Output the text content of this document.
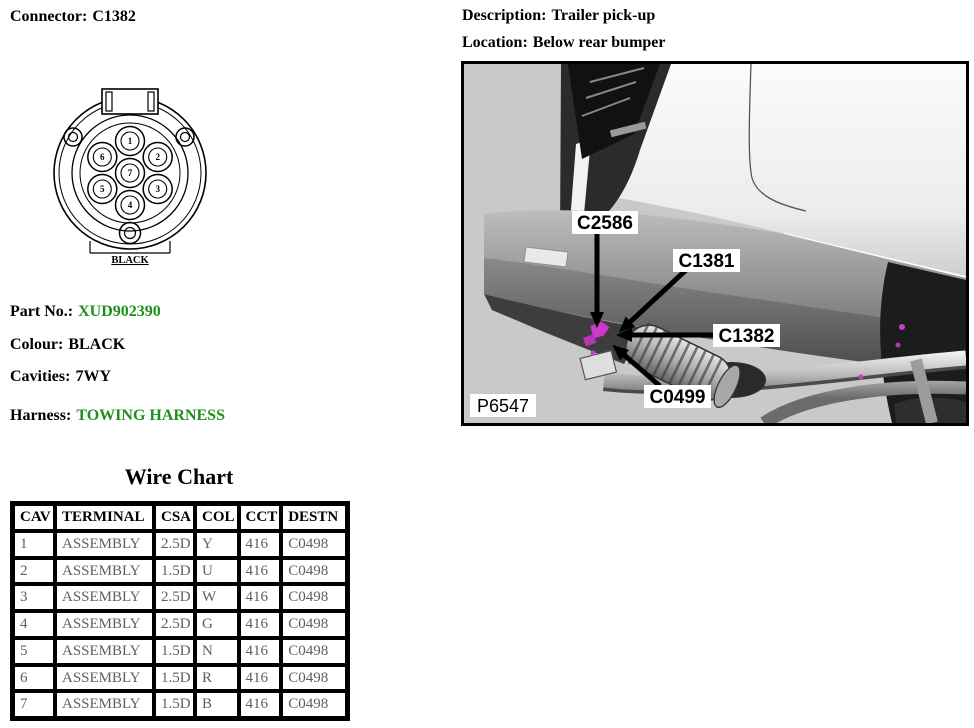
Connector: C1382	Description: Trailer pick-up
Location: Below rear bumper
1
2
3
4
5
6
7
BLACK
Part No.: XUD902390
Colour: BLACK
Cavities: 7WY
Harness: TOWING HARNESS
C2586
C1381
C1382
C0499
P6547
Wire Chart
CAV	TERMINAL	CSA	COL	CCT	DESTN
1	ASSEMBLY	2.5D	Y	416	C0498
2	ASSEMBLY	1.5D	U	416	C0498
3	ASSEMBLY	2.5D	W	416	C0498
4	ASSEMBLY	2.5D	G	416	C0498
5	ASSEMBLY	1.5D	N	416	C0498
6	ASSEMBLY	1.5D	R	416	C0498
7	ASSEMBLY	1.5D	B	416	C0498
